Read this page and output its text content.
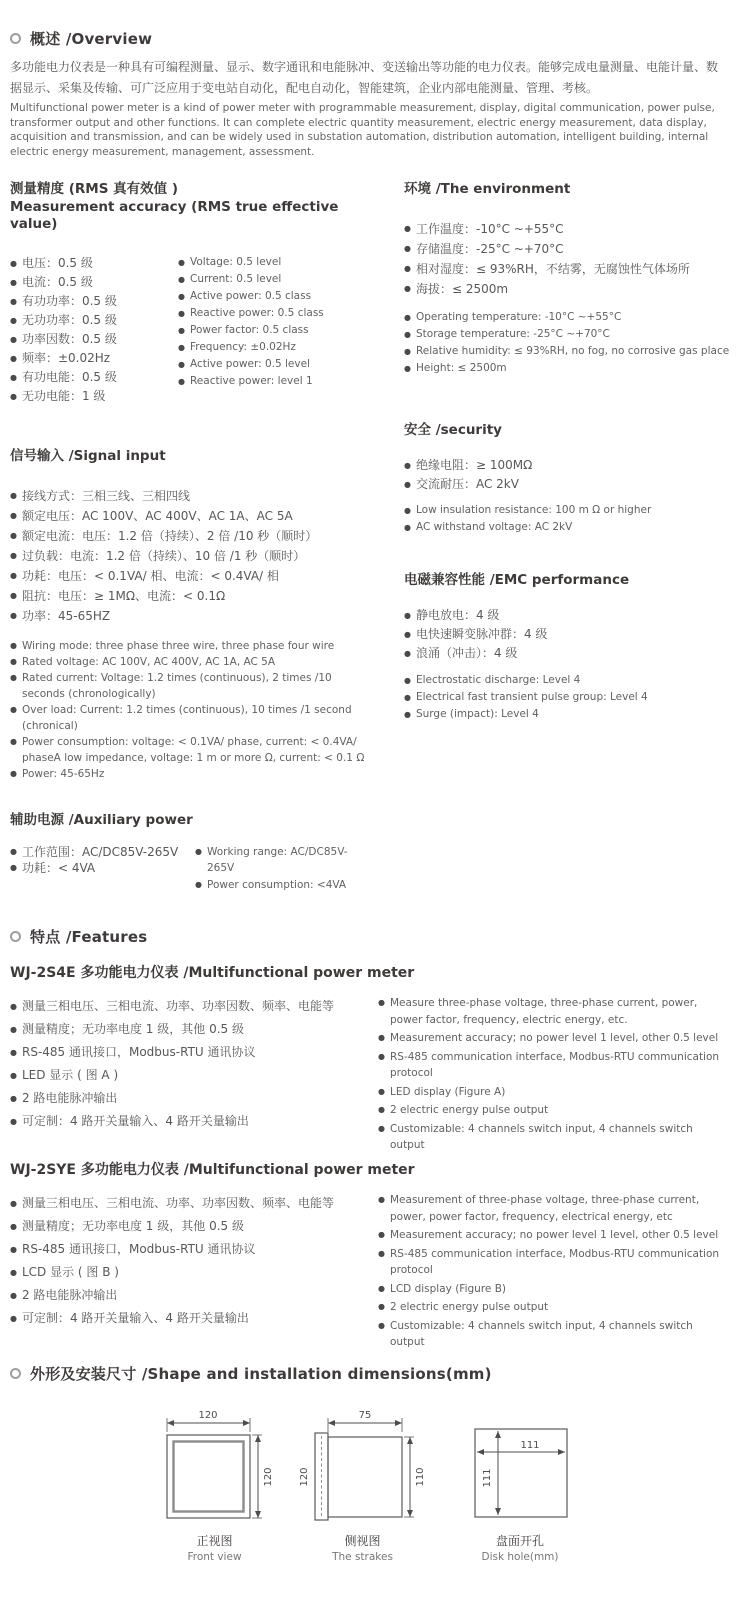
概述 /Overview

多功能电力仪表是一种具有可编程测量、显示、数字通讯和电能脉冲、变送输出等功能的电力仪表。能够完成电量测量、电能计量、数据显示、采集及传输、可广泛应用于变电站自动化，配电自动化，智能建筑，企业内部电能测量、管理、考核。

Multifunctional power meter is a kind of power meter with programmable measurement, display, digital communication, power pulse, transformer output and other functions. It can complete electric quantity measurement, electric energy measurement, data display, acquisition and transmission, and can be widely used in substation automation, distribution automation, intelligent building, internal electric energy measurement, management, assessment.

测量精度 (RMS 真有效值 )
Measurement accuracy (RMS true effective value)
● 电压：0.5 级
● 电流：0.5 级
● 有功功率：0.5 级
● 无功功率：0.5 级
● 功率因数：0.5 级
● 频率：±0.02Hz
● 有功电能：0.5 级
● 无功电能：1 级
● Voltage: 0.5 level
● Current: 0.5 level
● Active power: 0.5 class
● Reactive power: 0.5 class
● Power factor: 0.5 class
● Frequency: ±0.02Hz
● Active power: 0.5 level
● Reactive power: level 1
环境 /The environment
● 工作温度：-10°C ~+55°C
● 存储温度：-25°C ~+70°C
● 相对湿度：≤ 93%RH，不结雾，无腐蚀性气体场所
● 海拔：≤ 2500m
● Operating temperature: -10°C ~+55°C
● Storage temperature: -25°C ~+70°C
● Relative humidity: ≤ 93%RH, no fog, no corrosive gas place
● Height: ≤ 2500m
信号输入 /Signal input
● 接线方式：三相三线、三相四线
● 额定电压：AC 100V、AC 400V、AC 1A、AC 5A
● 额定电流：电压：1.2 倍（持续）、2 倍 /10 秒（顺时）
● 过负载：电流：1.2 倍（持续）、10 倍 /1 秒（顺时）
● 功耗：电压：< 0.1VA/ 相、电流：< 0.4VA/ 相
● 阻抗：电压：≥ 1MΩ、电流：< 0.1Ω
● 功率：45-65HZ
● Wiring mode: three phase three wire, three phase four wire
● Rated voltage: AC 100V, AC 400V, AC 1A, AC 5A
● Rated current: Voltage: 1.2 times (continuous), 2 times /10 seconds (chronologically)
● Over load: Current: 1.2 times (continuous), 10 times /1 second (chronical)
● Power consumption: voltage: < 0.1VA/ phase, current: < 0.4VA/ phaseA low impedance, voltage: 1 m or more Ω, current: < 0.1 Ω
● Power: 45-65Hz
安全 /security
● 绝缘电阻：≥ 100MΩ
● 交流耐压：AC 2kV
● Low insulation resistance: 100 m Ω or higher
● AC withstand voltage: AC 2kV
电磁兼容性能 /EMC performance
● 静电放电：4 级
● 电快速瞬变脉冲群：4 级
● 浪涌（冲击）：4 级
● Electrostatic discharge: Level 4
● Electrical fast transient pulse group: Level 4
● Surge (impact): Level 4
辅助电源 /Auxiliary power
● 工作范围：AC/DC85V-265V
● 功耗：< 4VA
● Working range: AC/DC85V-265V
● Power consumption: <4VA
特点 /Features
WJ-2S4E 多功能电力仪表 /Multifunctional power meter
● 测量三相电压、三相电流、功率、功率因数、频率、电能等
● 测量精度；无功率电度 1 级，其他 0.5 级
● RS-485 通讯接口，Modbus-RTU 通讯协议
● LED 显示 ( 图 A )
● 2 路电能脉冲输出
● 可定制：4 路开关量输入、4 路开关量输出
● Measure three-phase voltage, three-phase current, power, power factor, frequency, electric energy, etc.
● Measurement accuracy; no power level 1 level, other 0.5 level
● RS-485 communication interface, Modbus-RTU communication protocol
● LED display (Figure A)
● 2 electric energy pulse output
● Customizable: 4 channels switch input, 4 channels switch output
WJ-2SYE 多功能电力仪表 /Multifunctional power meter
● 测量三相电压、三相电流、功率、功率因数、频率、电能等
● 测量精度；无功率电度 1 级，其他 0.5 级
● RS-485 通讯接口，Modbus-RTU 通讯协议
● LCD 显示 ( 图 B )
● 2 路电能脉冲输出
● 可定制：4 路开关量输入、4 路开关量输出
● Measurement of three-phase voltage, three-phase current, power, power factor, frequency, electrical energy, etc
● Measurement accuracy; no power level 1 level, other 0.5 level
● RS-485 communication interface, Modbus-RTU communication protocol
● LCD display (Figure B)
● 2 electric energy pulse output
● Customizable: 4 channels switch input, 4 channels switch output
外形及安装尺寸 /Shape and installation dimensions(mm)
120
120
正视图
Front view
75
120	110
侧视图
The strakes
111
111
盘面开孔
Disk hole(mm)
